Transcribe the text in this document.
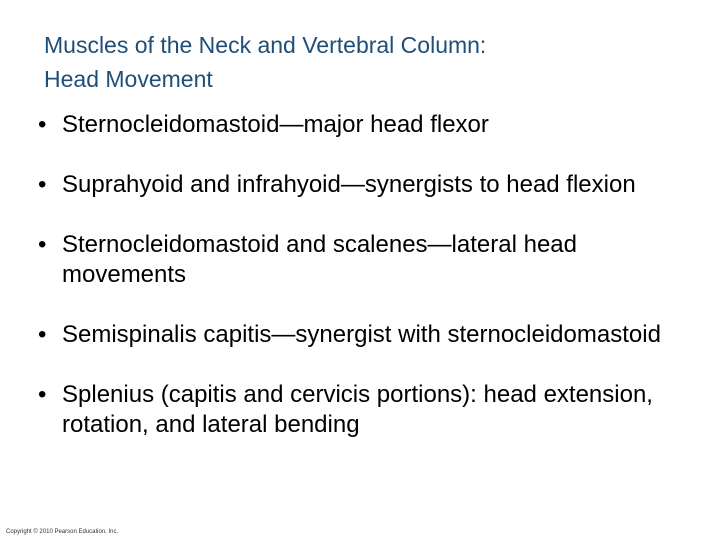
Muscles of the Neck and Vertebral Column:
Head Movement
• Sternocleidomastoid—major head flexor
• Suprahyoid and infrahyoid—synergists to head flexion
• Sternocleidomastoid and scalenes—lateral head movements
• Semispinalis capitis—synergist with sternocleidomastoid
• Splenius (capitis and cervicis portions): head extension, rotation, and lateral bending
Copyright © 2010 Pearson Education, Inc.
